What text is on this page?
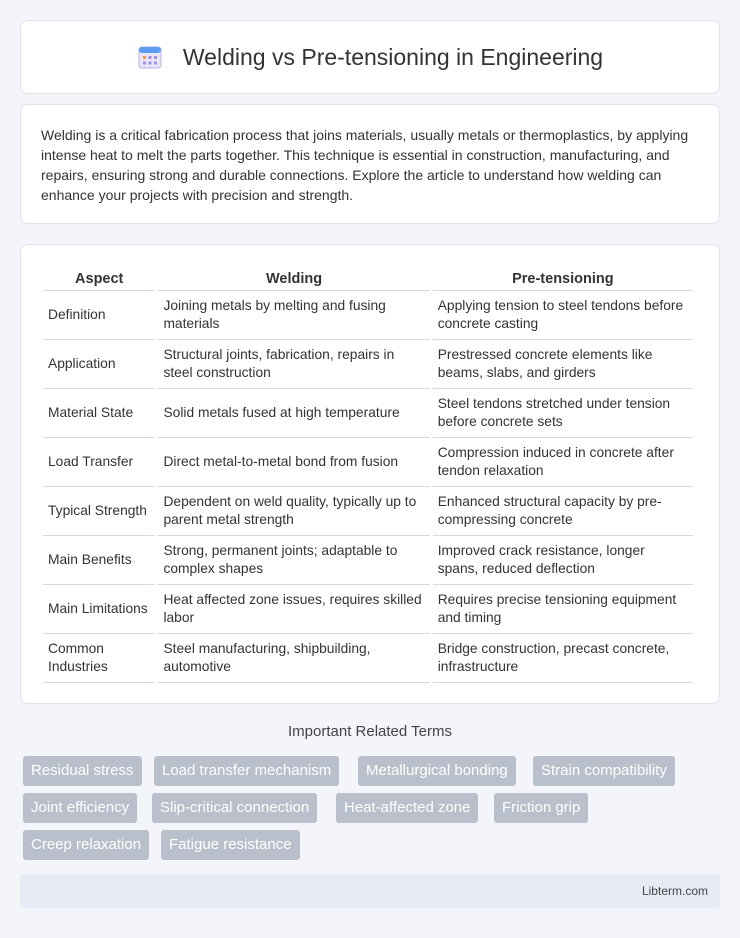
Welding vs Pre-tensioning in Engineering

Welding is a critical fabrication process that joins materials, usually metals or thermoplastics, by applying intense heat to melt the parts together. This technique is essential in construction, manufacturing, and repairs, ensuring strong and durable connections. Explore the article to understand how welding can enhance your projects with precision and strength.

Aspect	Welding	Pre-tensioning
Definition	Joining metals by melting and fusing materials	Applying tension to steel tendons before concrete casting
Application	Structural joints, fabrication, repairs in steel construction	Prestressed concrete elements like beams, slabs, and girders
Material State	Solid metals fused at high temperature	Steel tendons stretched under tension before concrete sets
Load Transfer	Direct metal-to-metal bond from fusion	Compression induced in concrete after tendon relaxation
Typical Strength	Dependent on weld quality, typically up to parent metal strength	Enhanced structural capacity by pre-compressing concrete
Main Benefits	Strong, permanent joints; adaptable to complex shapes	Improved crack resistance, longer spans, reduced deflection
Main Limitations	Heat affected zone issues, requires skilled labor	Requires precise tensioning equipment and timing
Common Industries	Steel manufacturing, shipbuilding, automotive	Bridge construction, precast concrete, infrastructure
Important Related Terms
Residual stress	Load transfer mechanism	Metallurgical bonding	Strain compatibility
Joint efficiency	Slip-critical connection	Heat-affected zone	Friction grip
Creep relaxation	Fatigue resistance
Libterm.com
